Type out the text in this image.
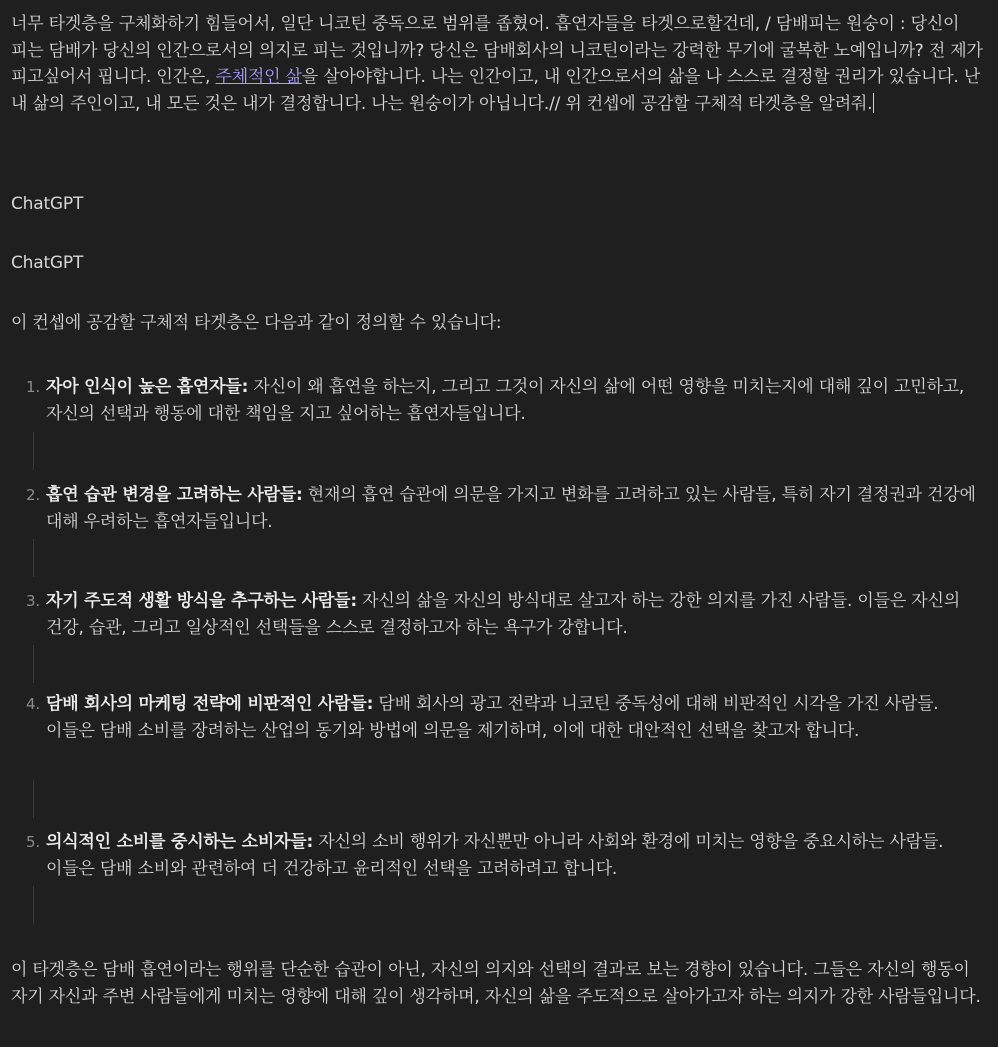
너무 타겟층을 구체화하기 힘들어서, 일단 니코틴 중독으로 범위를 좁혔어. 흡연자들을 타겟으로할건데, / 담배피는 원숭이 : 당신이 피는 담배가 당신의 인간으로서의 의지로 피는 것입니까? 당신은 담배회사의 니코틴이라는 강력한 무기에 굴복한 노예입니까? 전 제가 피고싶어서 핍니다. 인간은, 주체적인 삶을 살아야합니다. 나는 인간이고, 내 인간으로서의 삶을 나 스스로 결정할 권리가 있습니다. 난 내 삶의 주인이고, 내 모든 것은 내가 결정합니다. 나는 원숭이가 아닙니다.// 위 컨셉에 공감할 구체적 타겟층을 알려줘.
ChatGPT
ChatGPT
이 컨셉에 공감할 구체적 타겟층은 다음과 같이 정의할 수 있습니다:
1. 자아 인식이 높은 흡연자들: 자신이 왜 흡연을 하는지, 그리고 그것이 자신의 삶에 어떤 영향을 미치는지에 대해 깊이 고민하고, 자신의 선택과 행동에 대한 책임을 지고 싶어하는 흡연자들입니다.
2. 흡연 습관 변경을 고려하는 사람들: 현재의 흡연 습관에 의문을 가지고 변화를 고려하고 있는 사람들, 특히 자기 결정권과 건강에 대해 우려하는 흡연자들입니다.
3. 자기 주도적 생활 방식을 추구하는 사람들: 자신의 삶을 자신의 방식대로 살고자 하는 강한 의지를 가진 사람들. 이들은 자신의 건강, 습관, 그리고 일상적인 선택들을 스스로 결정하고자 하는 욕구가 강합니다.
4. 담배 회사의 마케팅 전략에 비판적인 사람들: 담배 회사의 광고 전략과 니코틴 중독성에 대해 비판적인 시각을 가진 사람들. 이들은 담배 소비를 장려하는 산업의 동기와 방법에 의문을 제기하며, 이에 대한 대안적인 선택을 찾고자 합니다.
5. 의식적인 소비를 중시하는 소비자들: 자신의 소비 행위가 자신뿐만 아니라 사회와 환경에 미치는 영향을 중요시하는 사람들. 이들은 담배 소비와 관련하여 더 건강하고 윤리적인 선택을 고려하려고 합니다.
이 타겟층은 담배 흡연이라는 행위를 단순한 습관이 아닌, 자신의 의지와 선택의 결과로 보는 경향이 있습니다. 그들은 자신의 행동이 자기 자신과 주변 사람들에게 미치는 영향에 대해 깊이 생각하며, 자신의 삶을 주도적으로 살아가고자 하는 의지가 강한 사람들입니다.
